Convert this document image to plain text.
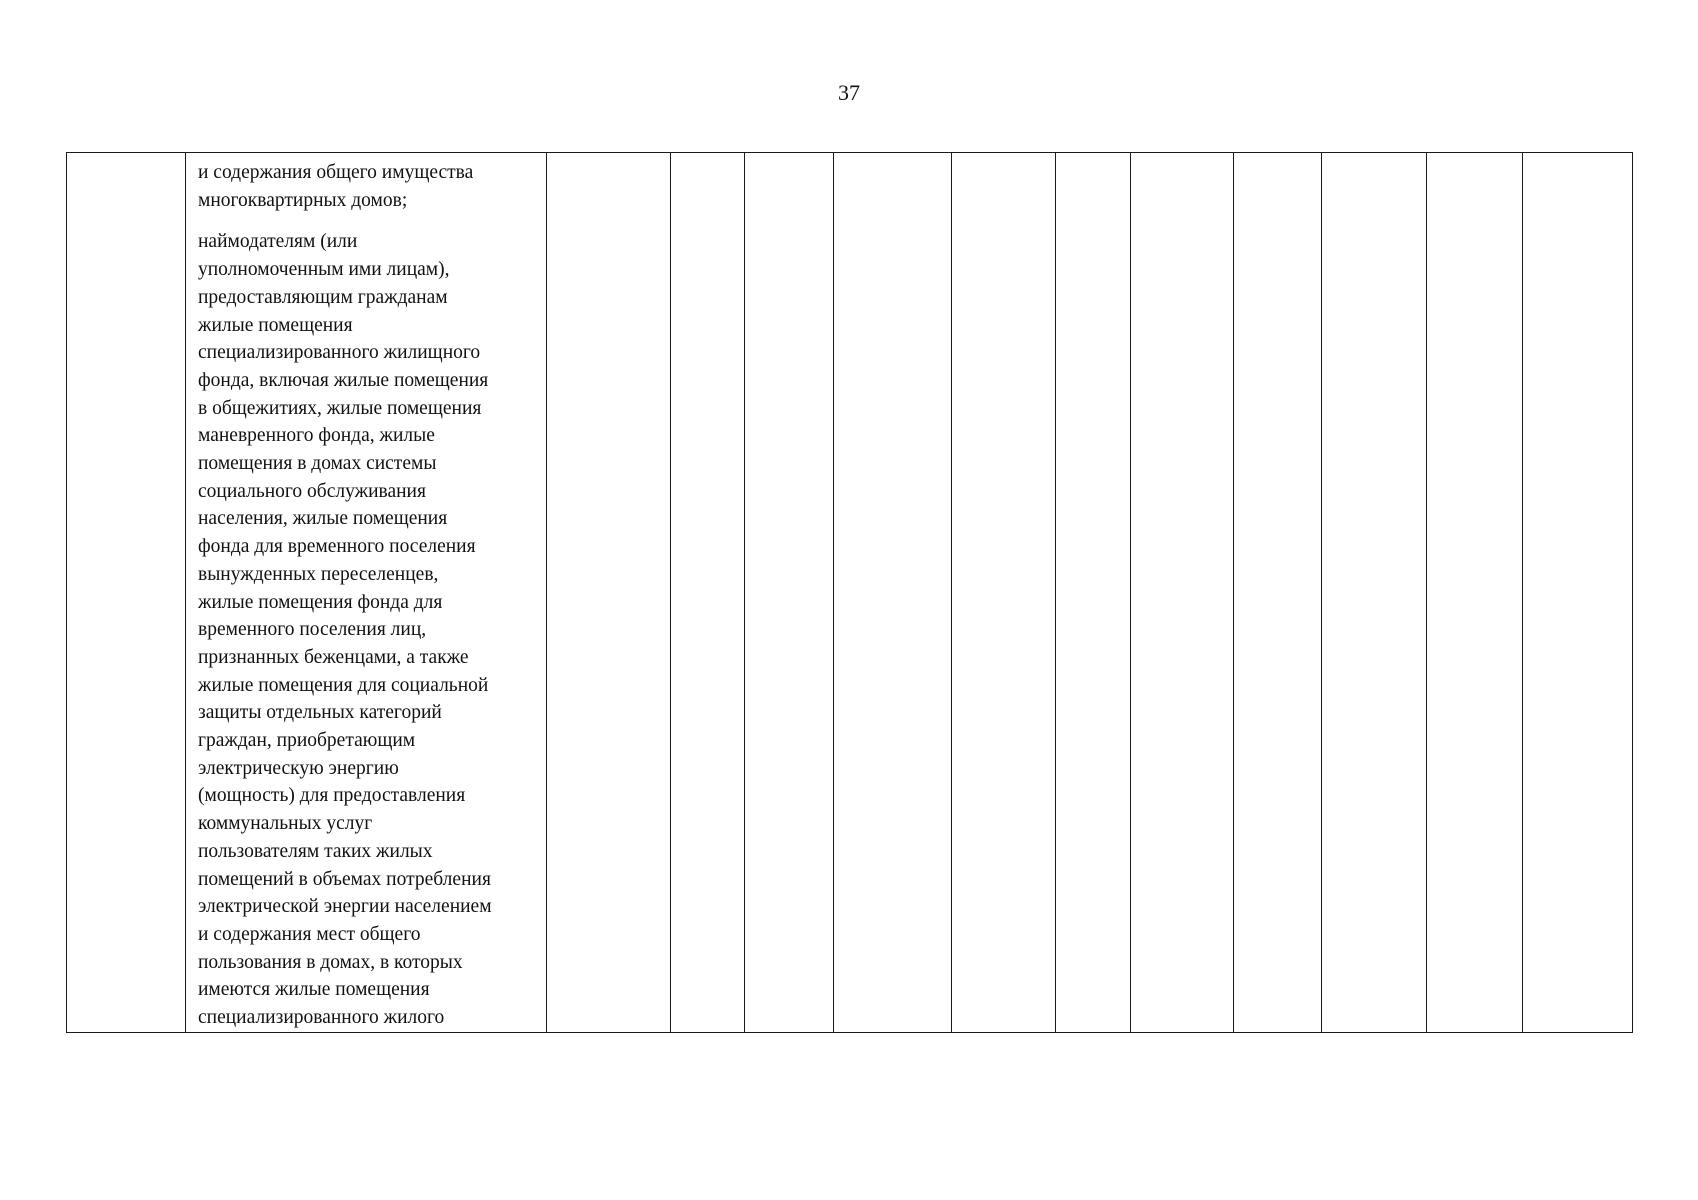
37

и содержания общего имущества
многоквартирных домов;
наймодателям (или
уполномоченным ими лицам),
предоставляющим гражданам
жилые помещения
специализированного жилищного
фонда, включая жилые помещения
в общежитиях, жилые помещения
маневренного фонда, жилые
помещения в домах системы
социального обслуживания
населения, жилые помещения
фонда для временного поселения
вынужденных переселенцев,
жилые помещения фонда для
временного поселения лиц,
признанных беженцами, а также
жилые помещения для социальной
защиты отдельных категорий
граждан, приобретающим
электрическую энергию
(мощность) для предоставления
коммунальных услуг
пользователям таких жилых
помещений в объемах потребления
электрической энергии населением
и содержания мест общего
пользования в домах, в которых
имеются жилые помещения
специализированного жилого
